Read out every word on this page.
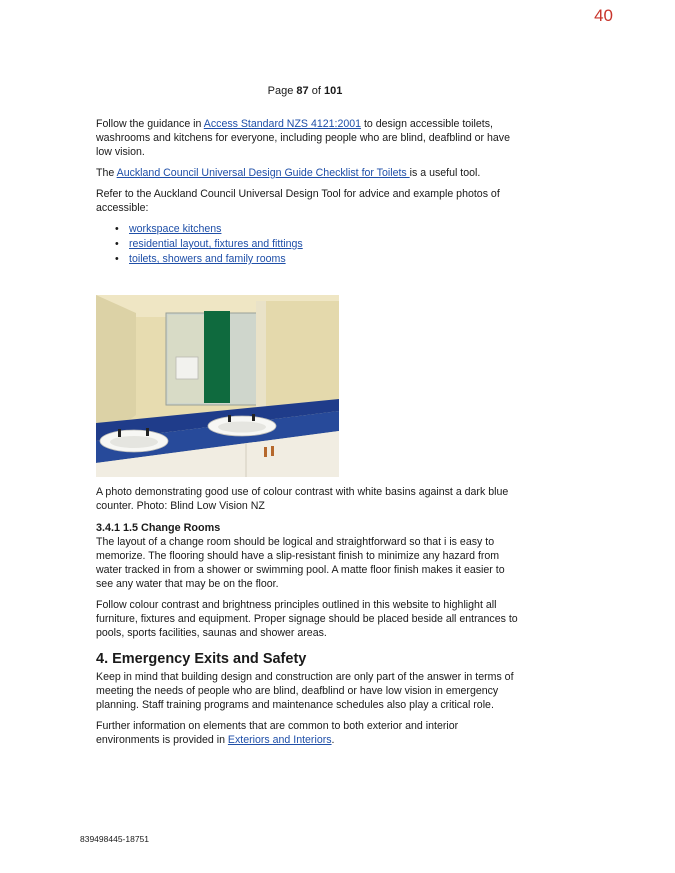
40
Page 87 of 101

Follow the guidance in Access Standard NZS 4121:2001 to design accessible toilets, washrooms and kitchens for everyone, including people who are blind, deafblind or have low vision.

The Auckland Council Universal Design Guide Checklist for Toilets is a useful tool.

Refer to the Auckland Council Universal Design Tool for advice and example photos of accessible:

• workspace kitchens
• residential layout, fixtures and fittings
• toilets, showers and family rooms

A photo demonstrating good use of colour contrast with white basins against a dark blue counter. Photo: Blind Low Vision NZ

3.4.1 1.5 Change Rooms

The layout of a change room should be logical and straightforward so that i is easy to memorize. The flooring should have a slip-resistant finish to minimize any hazard from water tracked in from a shower or swimming pool. A matte floor finish makes it easier to see any water that may be on the floor.

Follow colour contrast and brightness principles outlined in this website to highlight all furniture, fixtures and equipment. Proper signage should be placed beside all entrances to pools, sports facilities, saunas and shower areas.

4. Emergency Exits and Safety

Keep in mind that building design and construction are only part of the answer in terms of meeting the needs of people who are blind, deafblind or have low vision in emergency planning. Staff training programs and maintenance schedules also play a critical role.

Further information on elements that are common to both exterior and interior environments is provided in Exteriors and Interiors.

839498445-18751
